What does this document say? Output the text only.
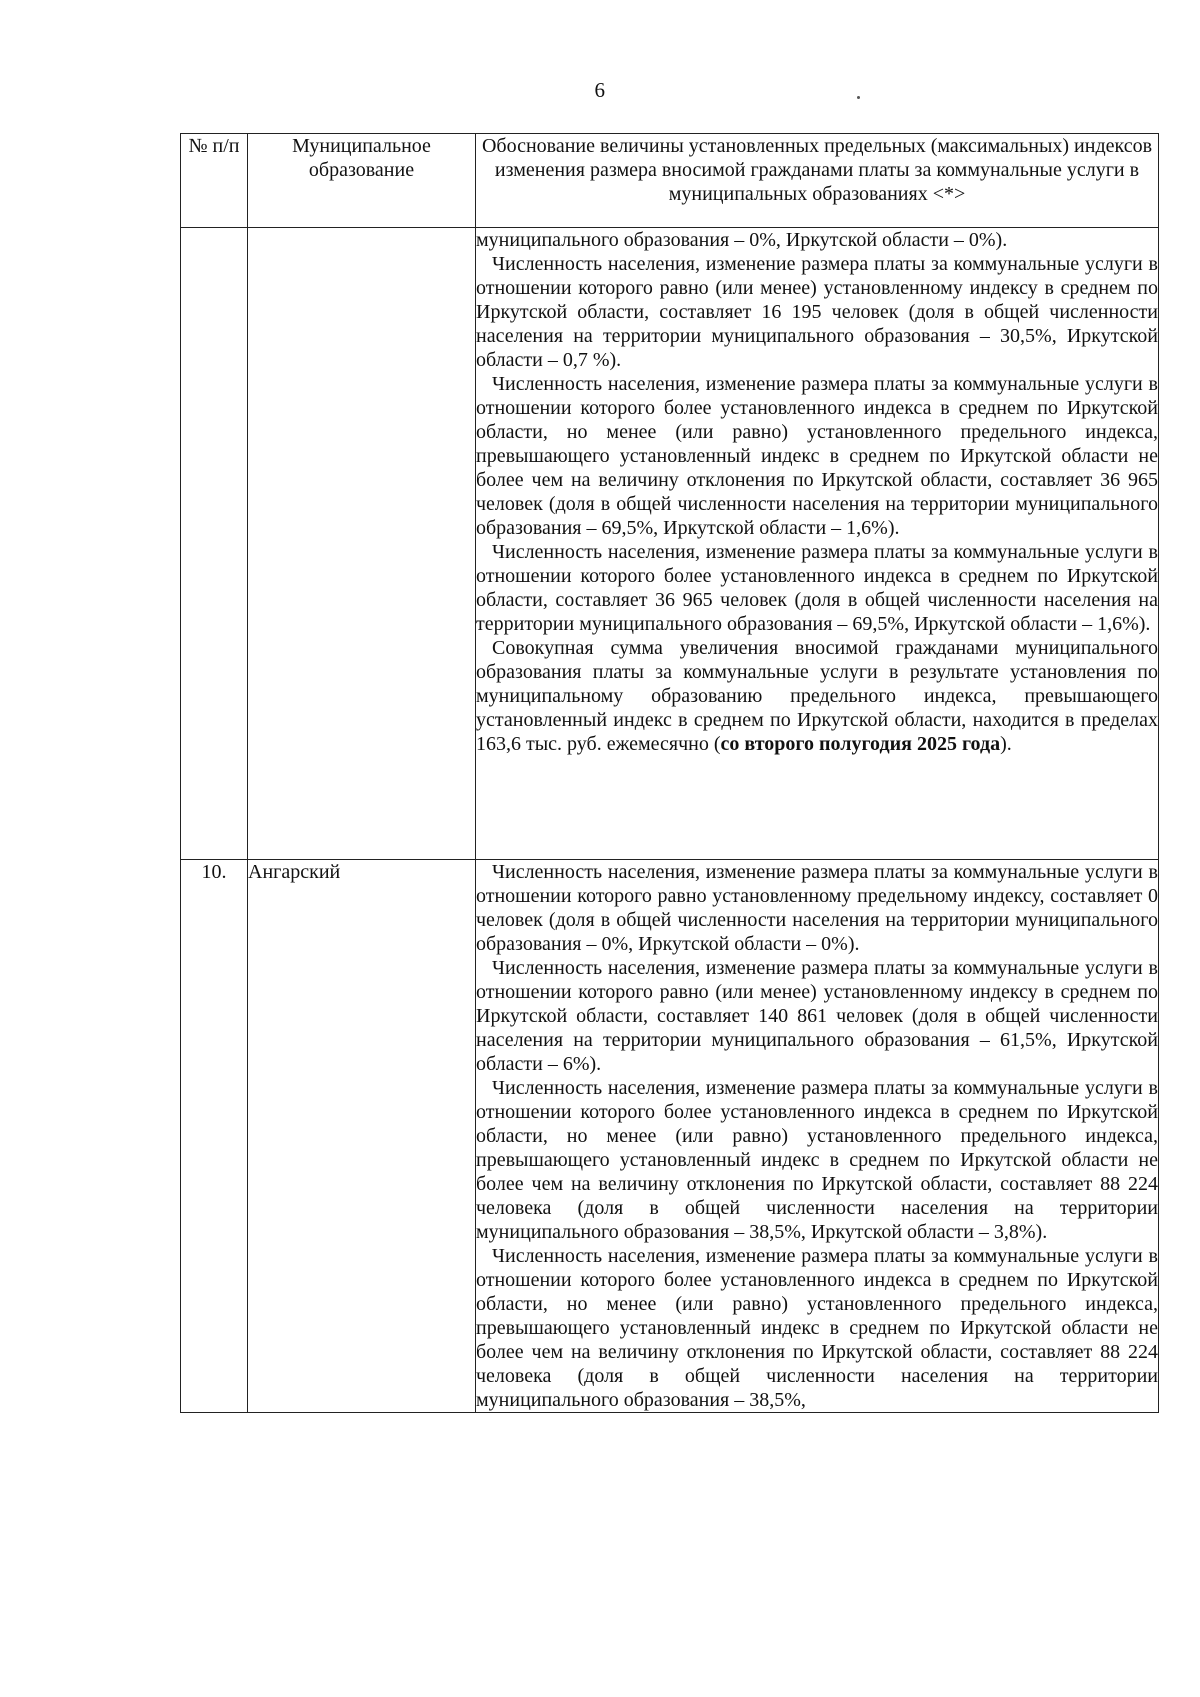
6
№ п/п	Муниципальное образование	Обоснование величины установленных предельных (максимальных) индексов изменения размера вносимой гражданами платы за коммунальные услуги в муниципальных образованиях <*>

		муниципального образования – 0%, Иркутской области – 0%).

Численность населения, изменение размера платы за коммунальные услуги в отношении которого равно (или менее) установленному индексу в среднем по Иркутской области, составляет 16 195 человек (доля в общей численности населения на территории муниципального образования – 30,5%, Иркутской области – 0,7 %).

Численность населения, изменение размера платы за коммунальные услуги в отношении которого более установленного индекса в среднем по Иркутской области, но менее (или равно) установленного предельного индекса, превышающего установленный индекс в среднем по Иркутской области не более чем на величину отклонения по Иркутской области, составляет 36 965 человек (доля в общей численности населения на территории муниципального образования – 69,5%, Иркутской области – 1,6%).

Численность населения, изменение размера платы за коммунальные услуги в отношении которого более установленного индекса в среднем по Иркутской области, составляет 36 965 человек (доля в общей численности населения на территории муниципального образования – 69,5%, Иркутской области – 1,6%).

Совокупная сумма увеличения вносимой гражданами муниципального образования платы за коммунальные услуги в результате установления по муниципальному образованию предельного индекса, превышающего установленный индекс в среднем по Иркутской области, находится в пределах 163,6 тыс. руб. ежемесячно (со второго полугодия 2025 года).

10.	Ангарский	Численность населения, изменение размера платы за коммунальные услуги в отношении которого равно установленному предельному индексу, составляет 0 человек (доля в общей численности населения на территории муниципального образования – 0%, Иркутской области – 0%).

Численность населения, изменение размера платы за коммунальные услуги в отношении которого равно (или менее) установленному индексу в среднем по Иркутской области, составляет 140 861 человек (доля в общей численности населения на территории муниципального образования – 61,5%, Иркутской области – 6%).

Численность населения, изменение размера платы за коммунальные услуги в отношении которого более установленного индекса в среднем по Иркутской области, но менее (или равно) установленного предельного индекса, превышающего установленный индекс в среднем по Иркутской области не более чем на величину отклонения по Иркутской области, составляет 88 224 человека (доля в общей численности населения на территории муниципального образования – 38,5%, Иркутской области – 3,8%).

Численность населения, изменение размера платы за коммунальные услуги в отношении которого более установленного индекса в среднем по Иркутской области, но менее (или равно) установленного предельного индекса, превышающего установленный индекс в среднем по Иркутской области не более чем на величину отклонения по Иркутской области, составляет 88 224 человека (доля в общей численности населения на территории муниципального образования – 38,5%,
